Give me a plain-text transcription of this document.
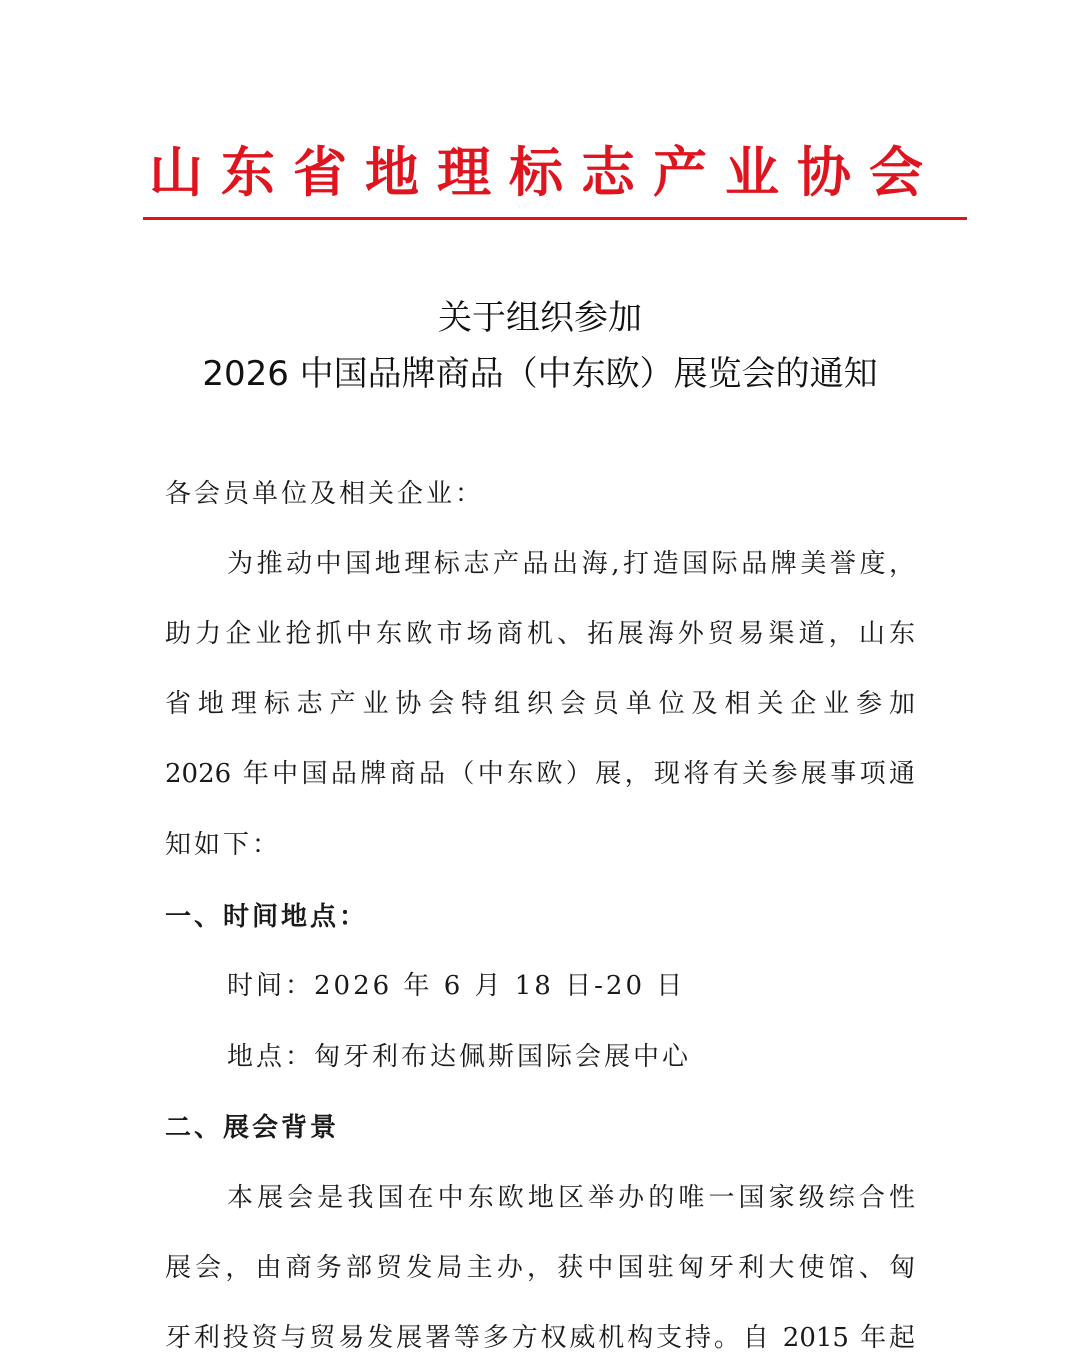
山东省地理标志产业协会
关于组织参加
2026 中国品牌商品（中东欧）展览会的通知
各会员单位及相关企业：
为推动中国地理标志产品出海,打造国际品牌美誉度，
助力企业抢抓中东欧市场商机、拓展海外贸易渠道，山东
省地理标志产业协会特组织会员单位及相关企业参加
2026 年中国品牌商品（中东欧）展，现将有关参展事项通
知如下：
一、时间地点：
时间：2026 年 6 月 18 日-20 日
地点：匈牙利布达佩斯国际会展中心
二、展会背景
本展会是我国在中东欧地区举办的唯一国家级综合性
展会，由商务部贸发局主办，获中国驻匈牙利大使馆、匈
牙利投资与贸易发展署等多方权威机构支持。自 2015 年起
